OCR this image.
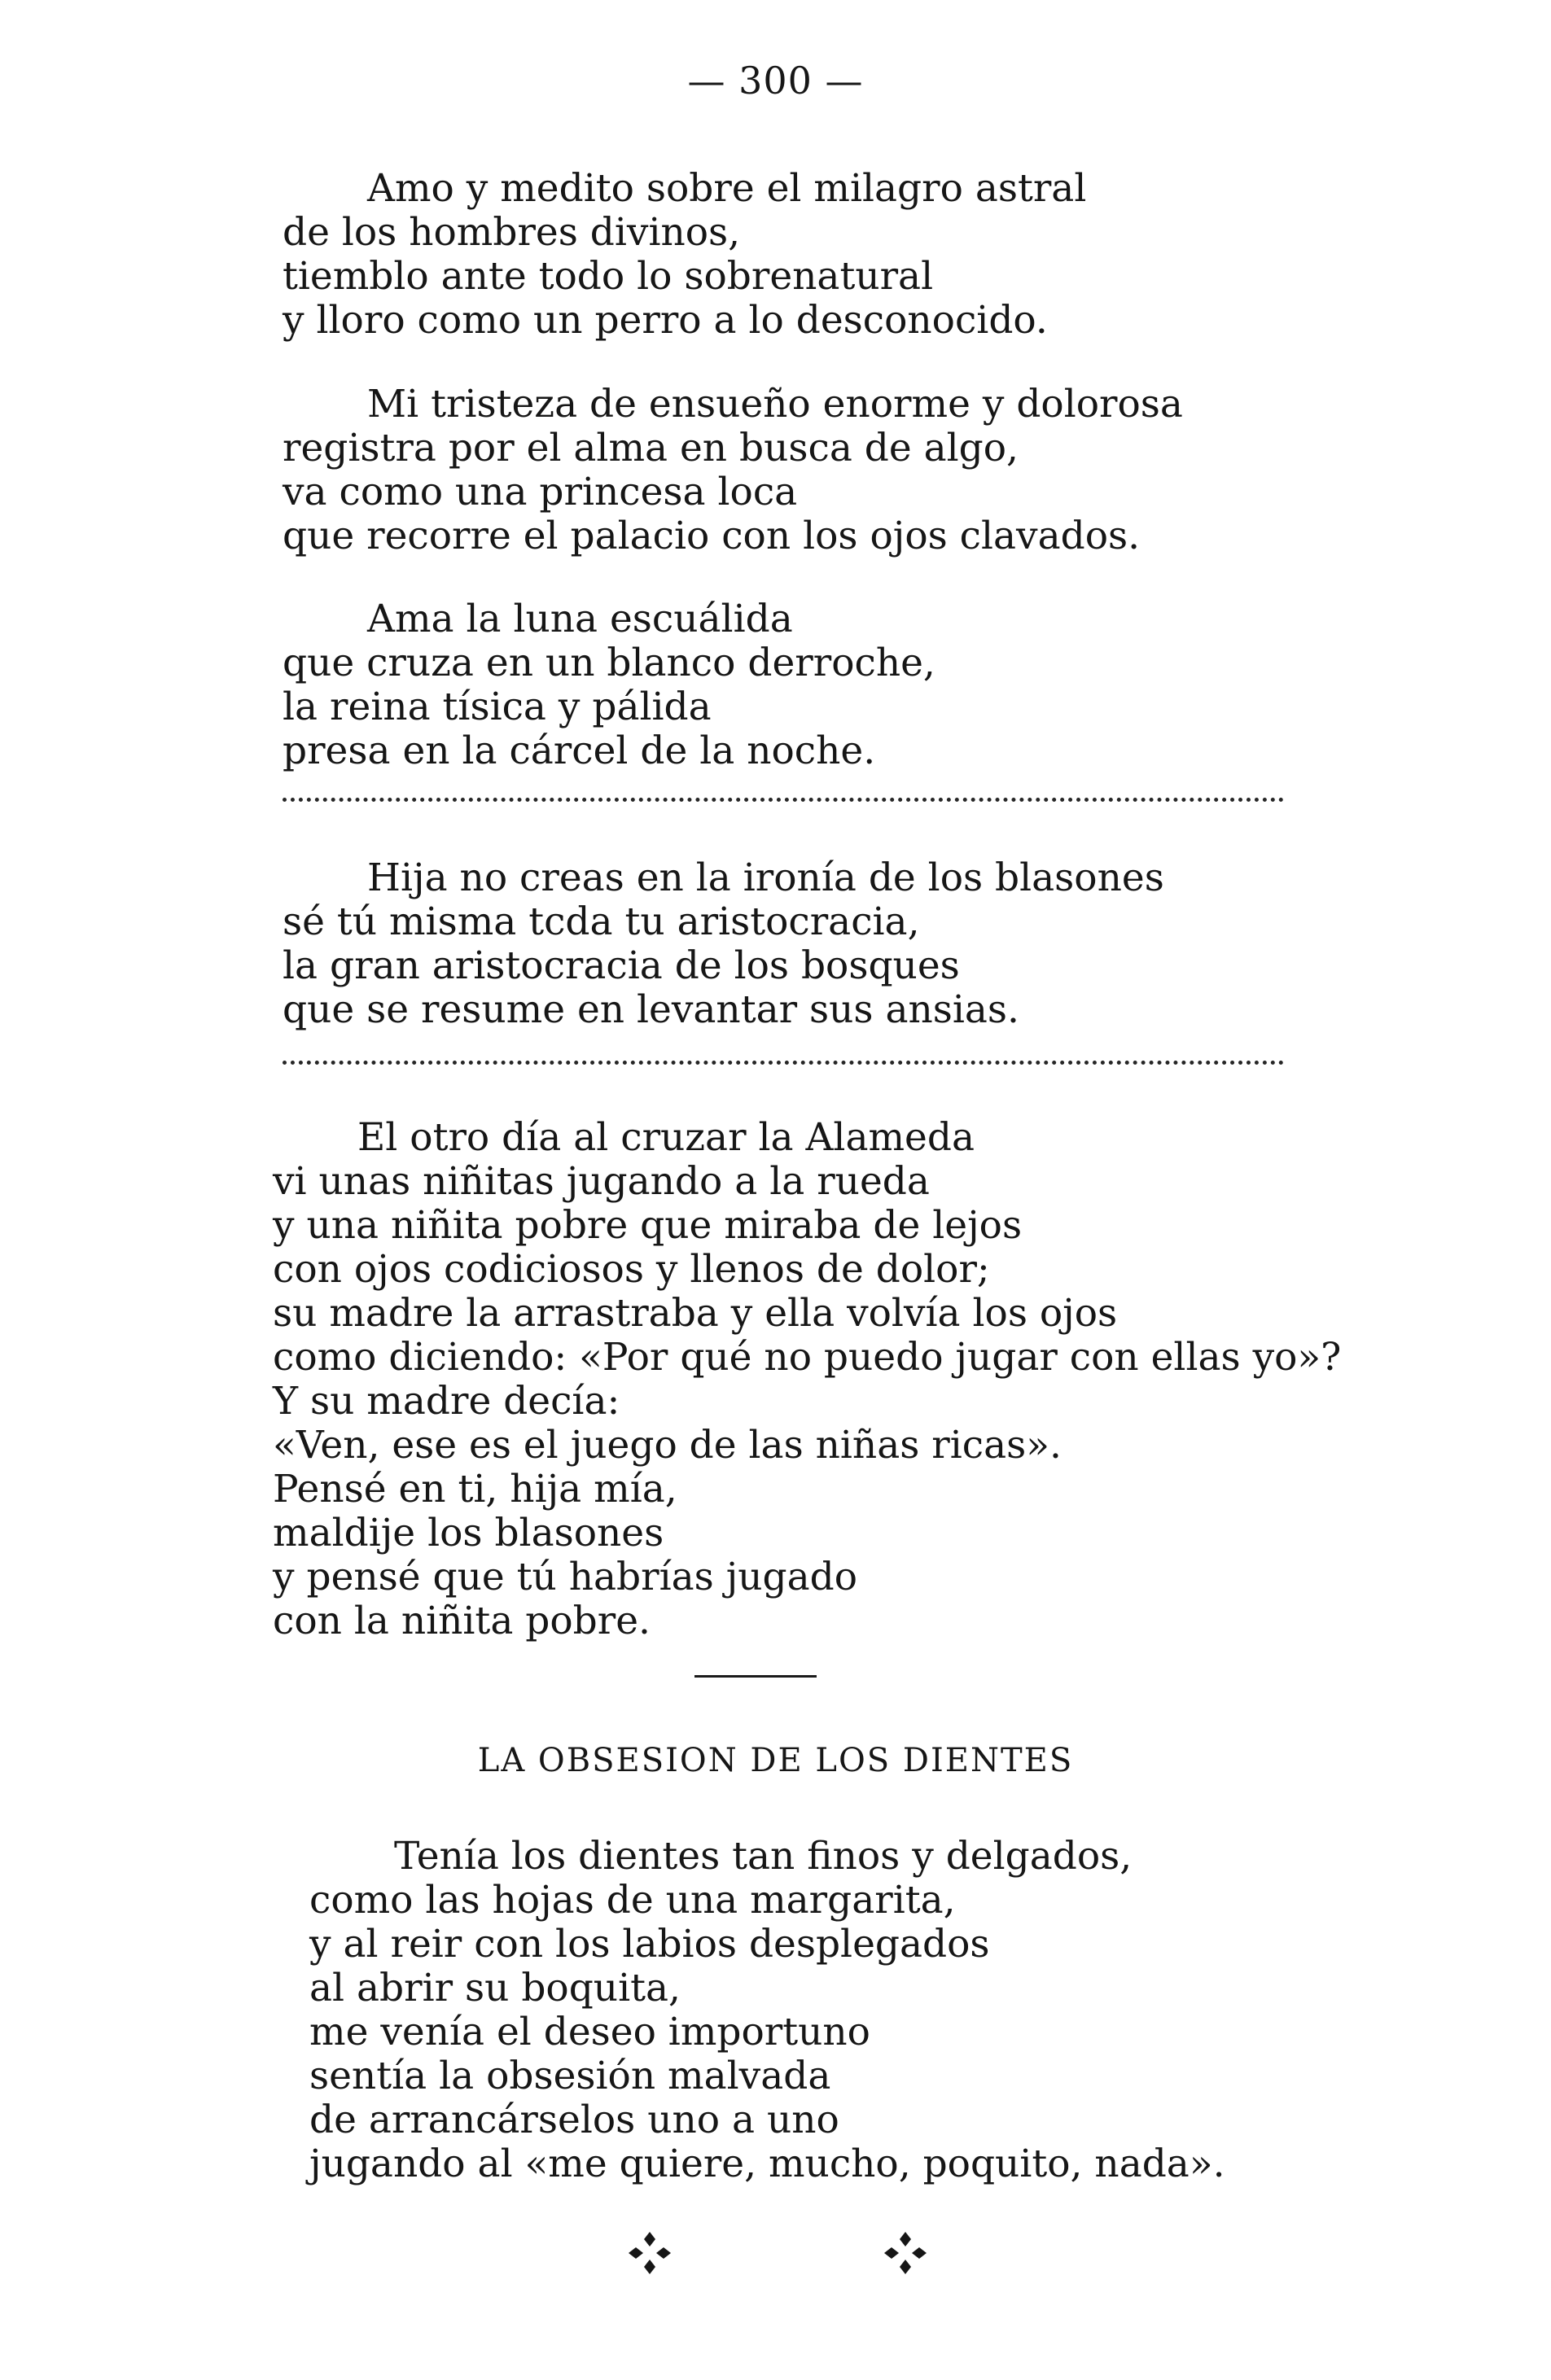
— 300 —
Amo y medito sobre el milagro astral
de los hombres divinos,
tiemblo ante todo lo sobrenatural
y lloro como un perro a lo desconocido.
Mi tristeza de ensueño enorme y dolorosa
registra por el alma en busca de algo,
va como una princesa loca
que recorre el palacio con los ojos clavados.
Ama la luna escuálida
que cruza en un blanco derroche,
la reina tísica y pálida
presa en la cárcel de la noche.
Hija no creas en la ironía de los blasones
sé tú misma tcda tu aristocracia,
la gran aristocracia de los bosques
que se resume en levantar sus ansias.
El otro día al cruzar la Alameda
vi unas niñitas jugando a la rueda
y una niñita pobre que miraba de lejos
con ojos codiciosos y llenos de dolor;
su madre la arrastraba y ella volvía los ojos
como diciendo: «Por qué no puedo jugar con ellas yo»?
Y su madre decía:
«Ven, ese es el juego de las niñas ricas».
Pensé en ti, hija mía,
maldije los blasones
y pensé que tú habrías jugado
con la niñita pobre.
LA OBSESION DE LOS DIENTES
Tenía los dientes tan finos y delgados,
como las hojas de una margarita,
y al reir con los labios desplegados
al abrir su boquita,
me venía el deseo importuno
sentía la obsesión malvada
de arrancárselos uno a uno
jugando al «me quiere, mucho, poquito, nada».
